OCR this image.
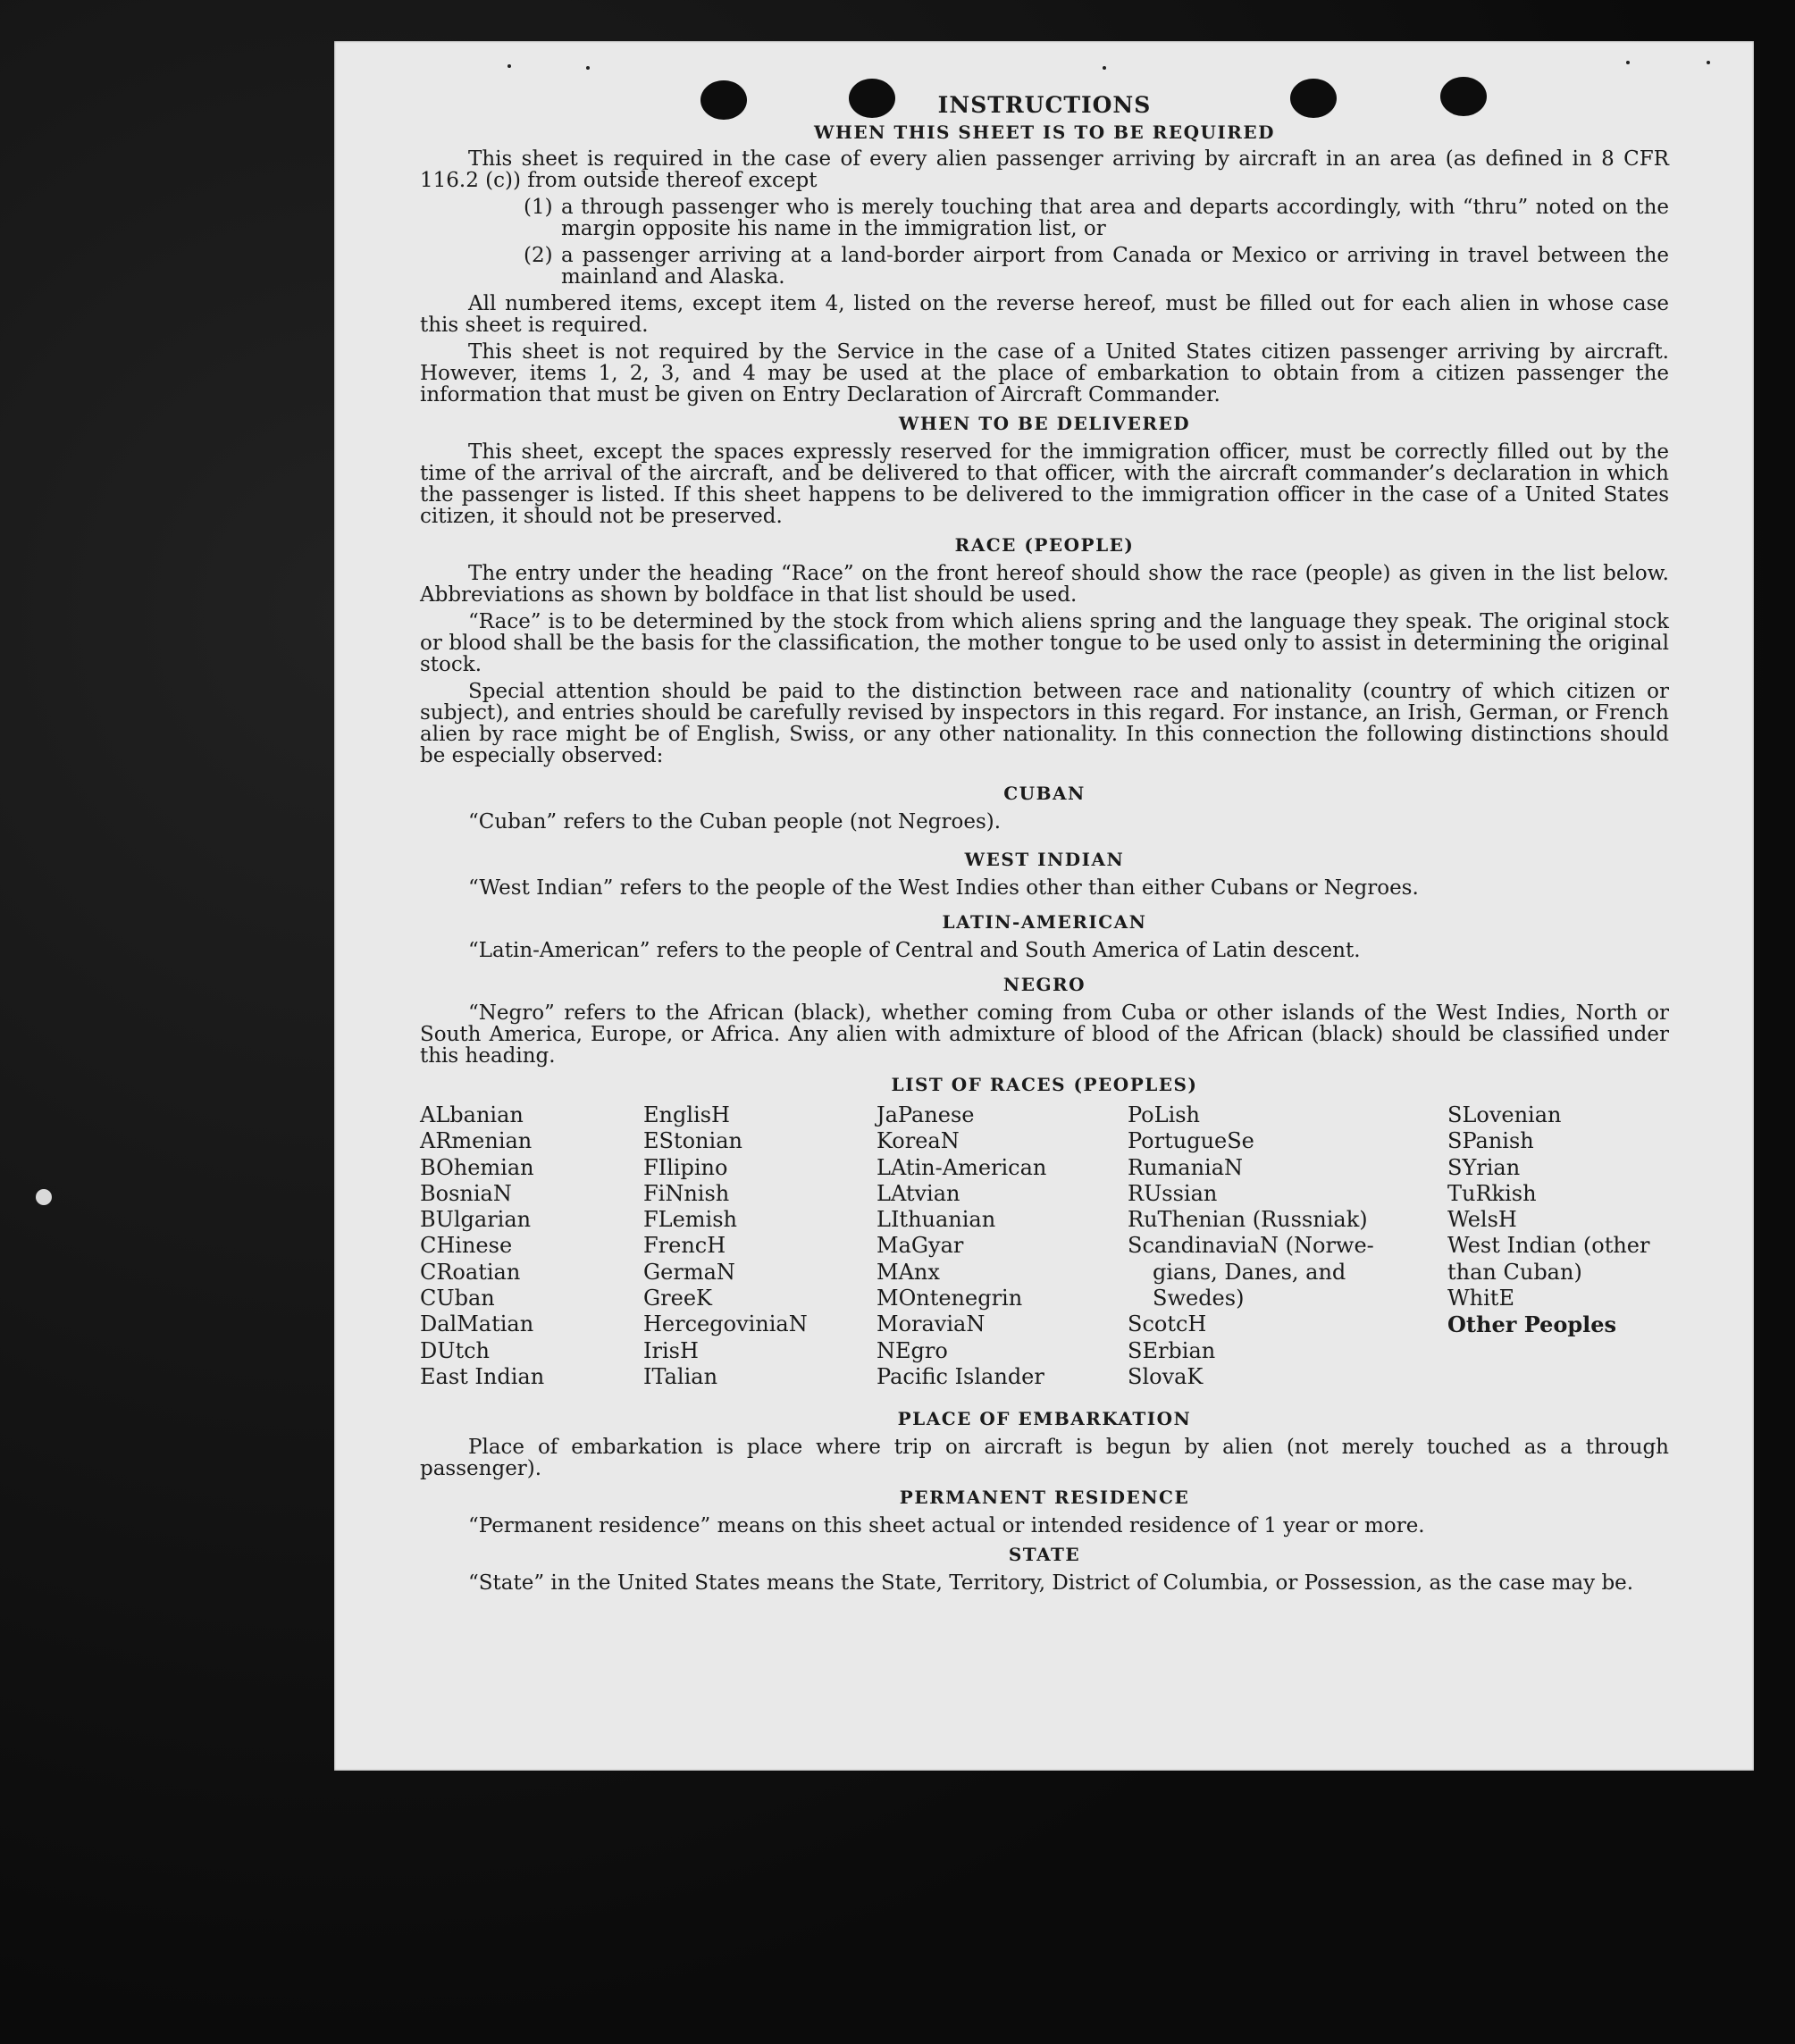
INSTRUCTIONS

WHEN THIS SHEET IS TO BE REQUIRED

This sheet is required in the case of every alien passenger arriving by aircraft in an area (as defined in 8 CFR 116.2 (c)) from outside thereof except

(1) a through passenger who is merely touching that area and departs accordingly, with “thru” noted on the margin opposite his name in the immigration list, or
(2) a passenger arriving at a land-border airport from Canada or Mexico or arriving in travel between the mainland and Alaska.

All numbered items, except item 4, listed on the reverse hereof, must be filled out for each alien in whose case this sheet is required.

This sheet is not required by the Service in the case of a United States citizen passenger arriving by aircraft. However, items 1, 2, 3, and 4 may be used at the place of embarkation to obtain from a citizen passenger the information that must be given on Entry Declaration of Aircraft Commander.

WHEN TO BE DELIVERED

This sheet, except the spaces expressly reserved for the immigration officer, must be correctly filled out by the time of the arrival of the aircraft, and be delivered to that officer, with the aircraft commander’s declaration in which the passenger is listed. If this sheet happens to be delivered to the immigration officer in the case of a United States citizen, it should not be preserved.

RACE (PEOPLE)

The entry under the heading “Race” on the front hereof should show the race (people) as given in the list below. Abbreviations as shown by boldface in that list should be used.

“Race” is to be determined by the stock from which aliens spring and the language they speak. The original stock or blood shall be the basis for the classification, the mother tongue to be used only to assist in determining the original stock.

Special attention should be paid to the distinction between race and nationality (country of which citizen or subject), and entries should be carefully revised by inspectors in this regard. For instance, an Irish, German, or French alien by race might be of English, Swiss, or any other nationality. In this connection the following distinctions should be especially observed:

CUBAN

“Cuban” refers to the Cuban people (not Negroes).

WEST INDIAN

“West Indian” refers to the people of the West Indies other than either Cubans or Negroes.

LATIN-AMERICAN

“Latin-American” refers to the people of Central and South America of Latin descent.

NEGRO

“Negro” refers to the African (black), whether coming from Cuba or other islands of the West Indies, North or South America, Europe, or Africa. Any alien with admixture of blood of the African (black) should be classified under this heading.

LIST OF RACES (PEOPLES)

ALbanian
ARmenian
BOhemian
BosniaN
BUlgarian
CHinese
CRoatian
CUban
DalMatian
DUtch
East Indian
EnglisH
EStonian
FIlipino
FiNnish
FLemish
FrencH
GermaN
GreeK
HercegoviniaN
IrisH
ITalian
JaPanese
KoreaN
LAtin-American
LAtvian
LIthuanian
MaGyar
MAnx
MOntenegrin
MoraviaN
NEgro
Pacific Islander
PoLish
PortugueSe
RumaniaN
RUssian
RuThenian (Russniak)
ScandinaviaN (Norwe-
gians, Danes, and
Swedes)
ScotcH
SErbian
SlovaK
SLovenian
SPanish
SYrian
TuRkish
WelsH
West Indian (other
than Cuban)
WhitE
Other Peoples

PLACE OF EMBARKATION

Place of embarkation is place where trip on aircraft is begun by alien (not merely touched as a through passenger).

PERMANENT RESIDENCE

“Permanent residence” means on this sheet actual or intended residence of 1 year or more.

STATE

“State” in the United States means the State, Territory, District of Columbia, or Possession, as the case may be.
